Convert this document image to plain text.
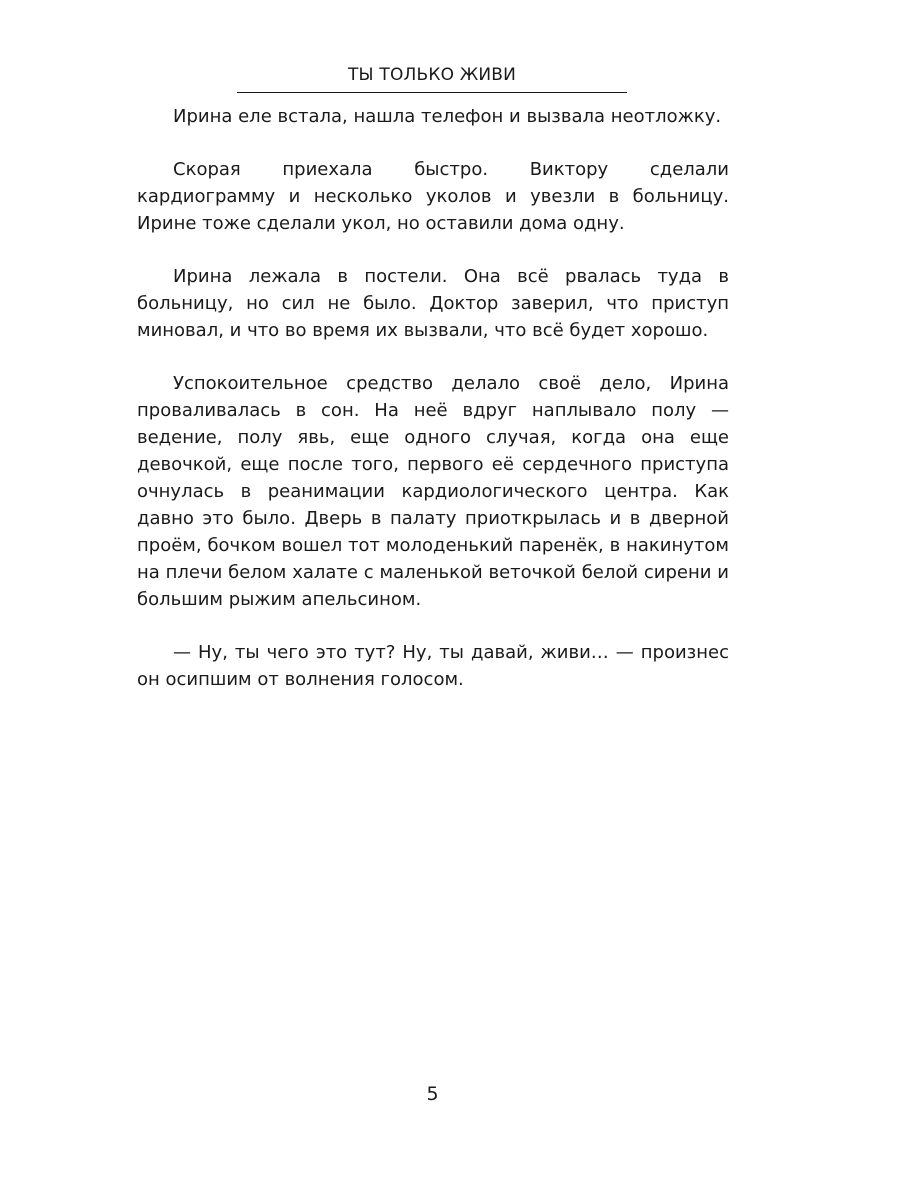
ТЫ ТОЛЬКО ЖИВИ

Ирина еле встала, нашла телефон и вызвала неотложку.

Скорая приехала быстро. Виктору сделали кардиограмму и несколько уколов и увезли в больницу. Ирине тоже сделали укол, но оставили дома одну.

Ирина лежала в постели. Она всё рвалась туда в больницу, но сил не было. Доктор заверил, что приступ миновал, и что во время их вызвали, что всё будет хорошо.

Успокоительное средство делало своё дело, Ирина проваливалась в сон. На неё вдруг наплывало полу — ведение, полу явь, еще одного случая, когда она еще девочкой, еще после того, первого её сердечного приступа очнулась в реанимации кардиологического центра. Как давно это было. Дверь в палату приоткрылась и в дверной проём, бочком вошел тот молоденький паренёк, в накинутом на плечи белом халате с маленькой веточкой белой сирени и большим рыжим апельсином.

— Ну, ты чего это тут? Ну, ты давай, живи… — произнес он осипшим от волнения голосом.

5
